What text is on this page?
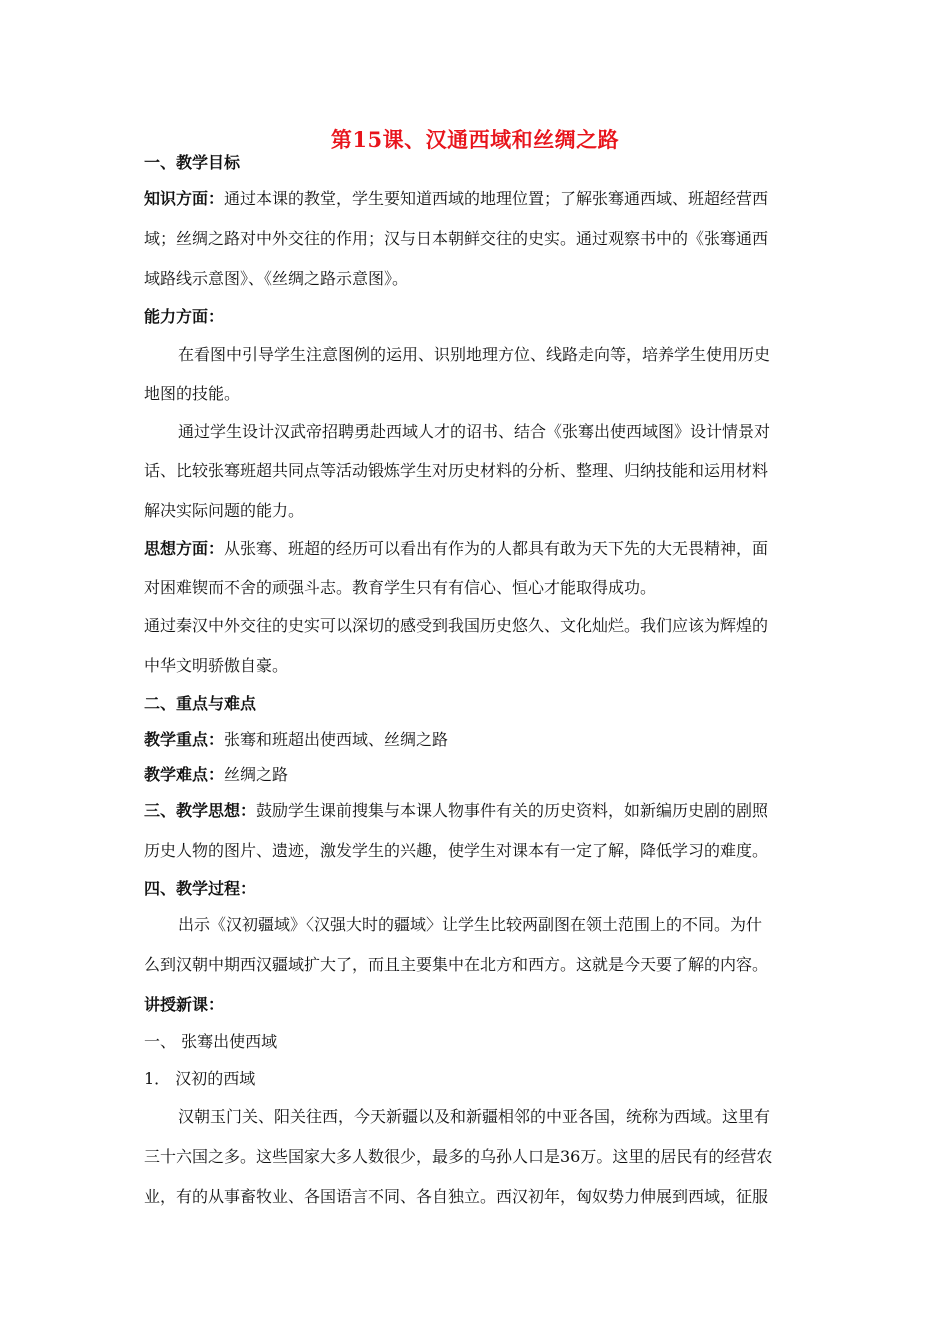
第15课、汉通西域和丝绸之路
一、教学目标
知识方面：通过本课的教堂，学生要知道西域的地理位置；了解张骞通西域、班超经营西
域；丝绸之路对中外交往的作用；汉与日本朝鲜交往的史实。通过观察书中的《张骞通西
域路线示意图》、《丝绸之路示意图》。
能力方面：
在看图中引导学生注意图例的运用、识别地理方位、线路走向等，培养学生使用历史
地图的技能。
通过学生设计汉武帝招聘勇赴西域人才的诏书、结合《张骞出使西域图》设计情景对
话、比较张骞班超共同点等活动锻炼学生对历史材料的分析、整理、归纳技能和运用材料
解决实际问题的能力。
思想方面：从张骞、班超的经历可以看出有作为的人都具有敢为天下先的大无畏精神，面
对困难锲而不舍的顽强斗志。教育学生只有有信心、恒心才能取得成功。
通过秦汉中外交往的史实可以深切的感受到我国历史悠久、文化灿烂。我们应该为辉煌的
中华文明骄傲自豪。
二、重点与难点
教学重点：张骞和班超出使西域、丝绸之路
教学难点：丝绸之路
三、教学思想：鼓励学生课前搜集与本课人物事件有关的历史资料，如新编历史剧的剧照
历史人物的图片、遗迹，激发学生的兴趣，使学生对课本有一定了解，降低学习的难度。
四、教学过程：
出示《汉初疆域》〈汉强大时的疆域〉让学生比较两副图在领土范围上的不同。为什
么到汉朝中期西汉疆域扩大了，而且主要集中在北方和西方。这就是今天要了解的内容。
讲授新课：
一、 张骞出使西域
1． 汉初的西域
汉朝玉门关、阳关往西，今天新疆以及和新疆相邻的中亚各国，统称为西域。这里有
三十六国之多。这些国家大多人数很少，最多的乌孙人口是36万。这里的居民有的经营农
业，有的从事畜牧业、各国语言不同、各自独立。西汉初年，匈奴势力伸展到西域，征服
